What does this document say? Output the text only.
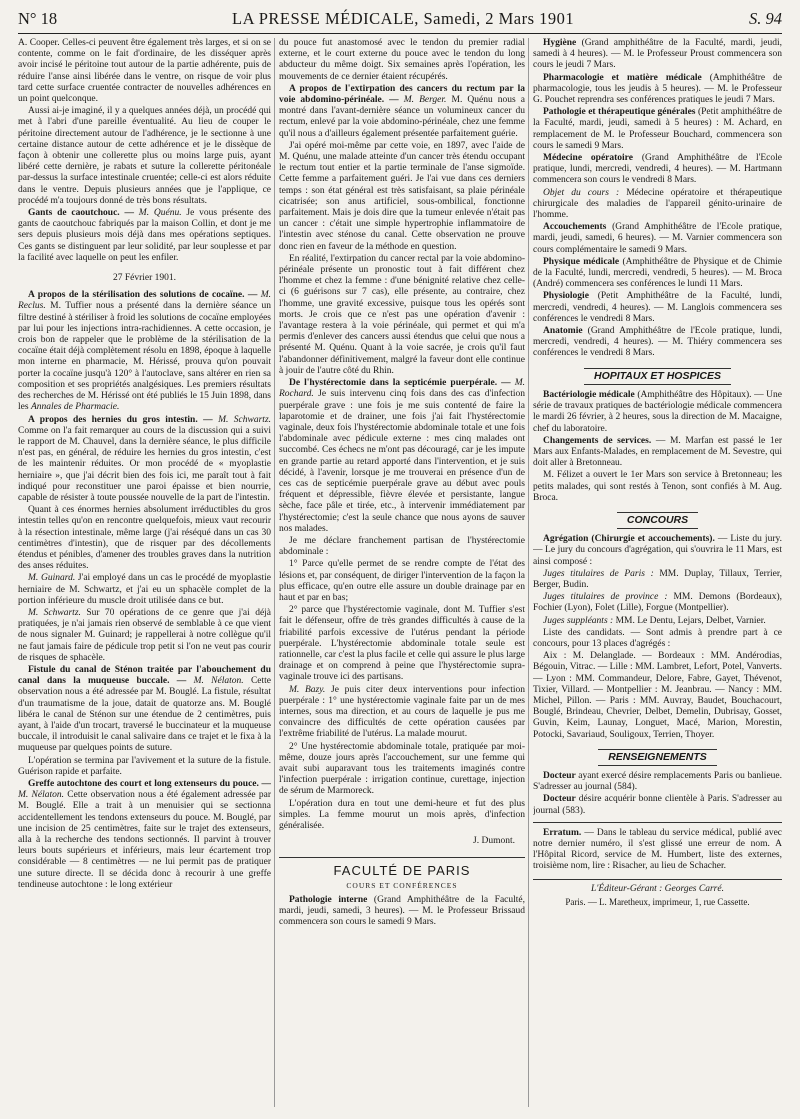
N° 18	LA PRESSE MÉDICALE, Samedi, 2 Mars 1901	S. 94

A. Cooper. Celles-ci peuvent être également très larges, et si on se contente, comme on le fait d'ordinaire, de les disséquer après avoir incisé le péritoine tout autour de la partie adhérente, puis de réduire l'anse ainsi libérée dans le ventre, on risque de voir plus tard cette surface cruentée contracter de nouvelles adhérences en un point quelconque.

Aussi ai-je imaginé, il y a quelques années déjà, un procédé qui met à l'abri d'une pareille éventualité. Au lieu de couper le péritoine directement autour de l'adhérence, je le sectionne à une certaine distance autour de cette adhérence et je le dissèque de façon à obtenir une collerette plus ou moins large puis, ayant libéré cette dernière, je rabats et suture la collerette péritonéale par-dessus la surface intestinale cruentée; celle-ci est alors réduite dans le ventre. Depuis plusieurs années que je l'applique, ce procédé m'a toujours donné de très bons résultats.

Gants de caoutchouc. — M. Quénu. Je vous présente des gants de caoutchouc fabriqués par la maison Collin, et dont je me sers depuis plusieurs mois déjà dans mes opérations septiques. Ces gants se distinguent par leur solidité, par leur souplesse et par la facilité avec laquelle on peut les enfiler.

27 Février 1901.

A propos de la stérilisation des solutions de cocaïne. — M. Reclus. M. Tuffier nous a présenté dans la dernière séance un filtre destiné à stériliser à froid les solutions de cocaïne employées par lui pour les injections intra-rachidiennes. A cette occasion, je crois bon de rappeler que le problème de la stérilisation de la cocaïne était déjà complètement résolu en 1898, époque à laquelle mon interne en pharmacie, M. Hérissé, prouva qu'on pouvait porter la cocaïne jusqu'à 120° à l'autoclave, sans altérer en rien sa composition et ses propriétés analgésiques. Les premiers résultats des recherches de M. Hérissé ont été publiés le 15 Juin 1898, dans les Annales de Pharmacie.

A propos des hernies du gros intestin. — M. Schwartz. Comme on l'a fait remarquer au cours de la discussion qui a suivi le rapport de M. Chauvel, dans la dernière séance, le plus difficile n'est pas, en général, de réduire les hernies du gros intestin, c'est de les maintenir réduites. Or mon procédé de « myoplastie herniaire », que j'ai décrit bien des fois ici, me paraît tout à fait indiqué pour reconstituer une paroi épaisse et bien nourrie, capable de résister à toute poussée nouvelle de la part de l'intestin.

Quant à ces énormes hernies absolument irréductibles du gros intestin telles qu'on en rencontre quelquefois, mieux vaut recourir à la résection intestinale, même large (j'ai réséqué dans un cas 30 centimètres d'intestin), que de risquer par des décollements étendus et pénibles, d'amener des troubles graves dans la nutrition des anses réduites.

M. Guinard. J'ai employé dans un cas le procédé de myoplastie herniaire de M. Schwartz, et j'ai eu un sphacèle complet de la portion inférieure du muscle droit utilisée dans ce but.

M. Schwartz. Sur 70 opérations de ce genre que j'ai déjà pratiquées, je n'ai jamais rien observé de semblable à ce que vient de nous signaler M. Guinard; je rappellerai à notre collègue qu'il ne faut jamais faire de pédicule trop petit si l'on ne veut pas courir de risques de sphacèle.

Fistule du canal de Sténon traitée par l'abouchement du canal dans la muqueuse buccale. — M. Nélaton. Cette observation nous a été adressée par M. Bouglé. La fistule, résultat d'un traumatisme de la joue, datait de quatorze ans. M. Bouglé libéra le canal de Sténon sur une étendue de 2 centimètres, puis ayant, à l'aide d'un trocart, traversé le buccinateur et la muqueuse buccale, il introduisit le canal salivaire dans ce trajet et le fixa à la muqueuse par quelques points de suture.

L'opération se termina par l'avivement et la suture de la fistule. Guérison rapide et parfaite.

Greffe autochtone des court et long extenseurs du pouce. — M. Nélaton. Cette observation nous a été également adressée par M. Bouglé. Elle a trait à un menuisier qui se sectionna accidentellement les tendons extenseurs du pouce. M. Bouglé, par une incision de 25 centimètres, faite sur le trajet des extenseurs, alla à la recherche des tendons sectionnés. Il parvint à trouver leurs bouts supérieurs et inférieurs, mais leur écartement trop considérable — 8 centimètres — ne lui permit pas de pratiquer une suture directe. Il se décida donc à recourir à une greffe tendineuse autochtone : le long extérieur

du pouce fut anastomosé avec le tendon du premier radial externe, et le court externe du pouce avec le tendon du long abducteur du même doigt. Six semaines après l'opération, les mouvements de ce dernier étaient récupérés.

A propos de l'extirpation des cancers du rectum par la voie abdomino-périnéale. — M. Berger. M. Quénu nous a montré dans l'avant-dernière séance un volumineux cancer du rectum, enlevé par la voie abdomino-périnéale, chez une femme qu'il nous a d'ailleurs également présentée parfaitement guérie.

J'ai opéré moi-même par cette voie, en 1897, avec l'aide de M. Quénu, une malade atteinte d'un cancer très étendu occupant le rectum tout entier et la partie terminale de l'anse sigmoïde. Cette femme a parfaitement guéri. Je l'ai vue dans ces derniers temps : son état général est très satisfaisant, sa plaie périnéale cicatrisée; son anus artificiel, sous-ombilical, fonctionne parfaitement. Mais je dois dire que la tumeur enlevée n'était pas un cancer : c'était une simple hypertrophie inflammatoire de l'intestin avec sténose du canal. Cette observation ne prouve donc rien en faveur de la méthode en question.

En réalité, l'extirpation du cancer rectal par la voie abdomino-périnéale présente un pronostic tout à fait différent chez l'homme et chez la femme : d'une bénignité relative chez celle-ci (6 guérisons sur 7 cas), elle présente, au contraire, chez l'homme, une gravité excessive, puisque tous les opérés sont morts. Je crois que ce n'est pas une opération d'avenir : l'avantage restera à la voie périnéale, qui permet et qui m'a permis d'enlever des cancers aussi étendus que celui que nous a présenté M. Quénu. Quant à la voie sacrée, je crois qu'il faut l'abandonner définitivement, malgré la faveur dont elle continue à jouir de l'autre côté du Rhin.

De l'hystérectomie dans la septicémie puerpérale. — M. Rochard. Je suis intervenu cinq fois dans des cas d'infection puerpérale grave : une fois je me suis contenté de faire la laparotomie et de drainer, une fois j'ai fait l'hystérectomie vaginale, deux fois l'hystérectomie abdominale totale et une fois l'abdominale avec pédicule externe : mes cinq malades ont succombé. Ces échecs ne m'ont pas découragé, car je les impute en grande partie au retard apporté dans l'intervention, et je suis décidé, à l'avenir, lorsque je me trouverai en présence d'un de ces cas de septicémie puerpérale grave au début avec pouls fréquent et dépressible, fièvre élevée et persistante, langue sèche, face pâle et tirée, etc., à intervenir immédiatement par l'hystérectomie; c'est la seule chance que nous ayons de sauver nos malades.

Je me déclare franchement partisan de l'hystérectomie abdominale :

1° Parce qu'elle permet de se rendre compte de l'état des lésions et, par conséquent, de diriger l'intervention de la façon la plus efficace, qu'en outre elle assure un double drainage par en haut et par en bas;

2° parce que l'hystérectomie vaginale, dont M. Tuffier s'est fait le défenseur, offre de très grandes difficultés à cause de la friabilité parfois excessive de l'utérus pendant la période puerpérale. L'hystérectomie abdominale totale seule est rationnelle, car c'est la plus facile et celle qui assure le plus large drainage et on comprend à peine que l'hystérectomie supra-vaginale trouve ici des partisans.

M. Bazy. Je puis citer deux interventions pour infection puerpérale : 1° une hystérectomie vaginale faite par un de mes internes, sous ma direction, et au cours de laquelle je pus me convaincre des difficultés de cette opération causées par l'extrême friabilité de l'utérus. La malade mourut.

2° Une hystérectomie abdominale totale, pratiquée par moi-même, douze jours après l'accouchement, sur une femme qui avait subi auparavant tous les traitements imaginés contre l'infection puerpérale : irrigation continue, curettage, injection de sérum de Marmoreck.

L'opération dura en tout une demi-heure et fut des plus simples. La femme mourut un mois après, d'infection généralisée.

J. Dumont.

FACULTÉ DE PARIS

COURS ET CONFÉRENCES

Pathologie interne (Grand Amphithéâtre de la Faculté, mardi, jeudi, samedi, 3 heures). — M. le Professeur Brissaud commencera son cours le samedi 9 Mars.

Hygiène (Grand amphithéâtre de la Faculté, mardi, jeudi, samedi à 4 heures). — M. le Professeur Proust commencera son cours le jeudi 7 Mars.

Pharmacologie et matière médicale (Amphithéâtre de pharmacologie, tous les jeudis à 5 heures). — M. le Professeur G. Pouchet reprendra ses conférences pratiques le jeudi 7 Mars.

Pathologie et thérapeutique générales (Petit amphithéâtre de la Faculté, mardi, jeudi, samedi à 5 heures) : M. Achard, en remplacement de M. le Professeur Bouchard, commencera son cours le samedi 9 Mars.

Médecine opératoire (Grand Amphithéâtre de l'Ecole pratique, lundi, mercredi, vendredi, 4 heures). — M. Hartmann commencera son cours le vendredi 8 Mars.

Objet du cours : Médecine opératoire et thérapeutique chirurgicale des maladies de l'appareil génito-urinaire de l'homme.

Accouchements (Grand Amphithéâtre de l'Ecole pratique, mardi, jeudi, samedi, 6 heures). — M. Varnier commencera son cours complémentaire le samedi 9 Mars.

Physique médicale (Amphithéâtre de Physique et de Chimie de la Faculté, lundi, mercredi, vendredi, 5 heures). — M. Broca (André) commencera ses conférences le lundi 11 Mars.

Physiologie (Petit Amphithéâtre de la Faculté, lundi, mercredi, vendredi, 4 heures). — M. Langlois commencera ses conférences le vendredi 8 Mars.

Anatomie (Grand Amphithéâtre de l'Ecole pratique, lundi, mercredi, vendredi, 4 heures). — M. Thiéry commencera ses conférences le vendredi 8 Mars.

HOPITAUX ET HOSPICES

Bactériologie médicale (Amphithéâtre des Hôpitaux). — Une série de travaux pratiques de bactériologie médicale commencera le mardi 26 février, à 2 heures, sous la direction de M. Macaigne, chef du laboratoire.

Changements de services. — M. Marfan est passé le 1er Mars aux Enfants-Malades, en remplacement de M. Sevestre, qui doit aller à Bretonneau.

M. Félizet a ouvert le 1er Mars son service à Bretonneau; les petits malades, qui sont restés à Tenon, sont confiés à M. Aug. Broca.

CONCOURS

Agrégation (Chirurgie et accouchements). — Liste du jury. — Le jury du concours d'agrégation, qui s'ouvrira le 11 Mars, est ainsi composé :

Juges titulaires de Paris : MM. Duplay, Tillaux, Terrier, Berger, Budin.

Juges titulaires de province : MM. Demons (Bordeaux), Fochier (Lyon), Folet (Lille), Forgue (Montpellier).

Juges suppléants : MM. Le Dentu, Lejars, Delbet, Varnier.

Liste des candidats. — Sont admis à prendre part à ce concours, pour 13 places d'agrégés :

Aix : M. Delanglade. — Bordeaux : MM. Andérodias, Bégouin, Vitrac. — Lille : MM. Lambret, Lefort, Potel, Vanverts. — Lyon : MM. Commandeur, Delore, Fabre, Gayet, Thévenot, Tixier, Villard. — Montpellier : M. Jeanbrau. — Nancy : MM. Michel, Pillon. — Paris : MM. Auvray, Baudet, Bouchacourt, Bouglé, Brindeau, Chevrier, Delbet, Demelin, Dubrisay, Gosset, Guvin, Keim, Launay, Longuet, Macé, Marion, Morestin, Potocki, Savariaud, Souligoux, Terrien, Thoyer.

RENSEIGNEMENTS

Docteur ayant exercé désire remplacements Paris ou banlieue. S'adresser au journal (584).

Docteur désire acquérir bonne clientèle à Paris. S'adresser au journal (583).

Erratum. — Dans le tableau du service médical, publié avec notre dernier numéro, il s'est glissé une erreur de nom. A l'Hôpital Ricord, service de M. Humbert, liste des externes, troisième nom, lire : Risacher, au lieu de Schacher.

L'Éditeur-Gérant : Georges Carré.

Paris. — L. Maretheux, imprimeur, 1, rue Cassette.
